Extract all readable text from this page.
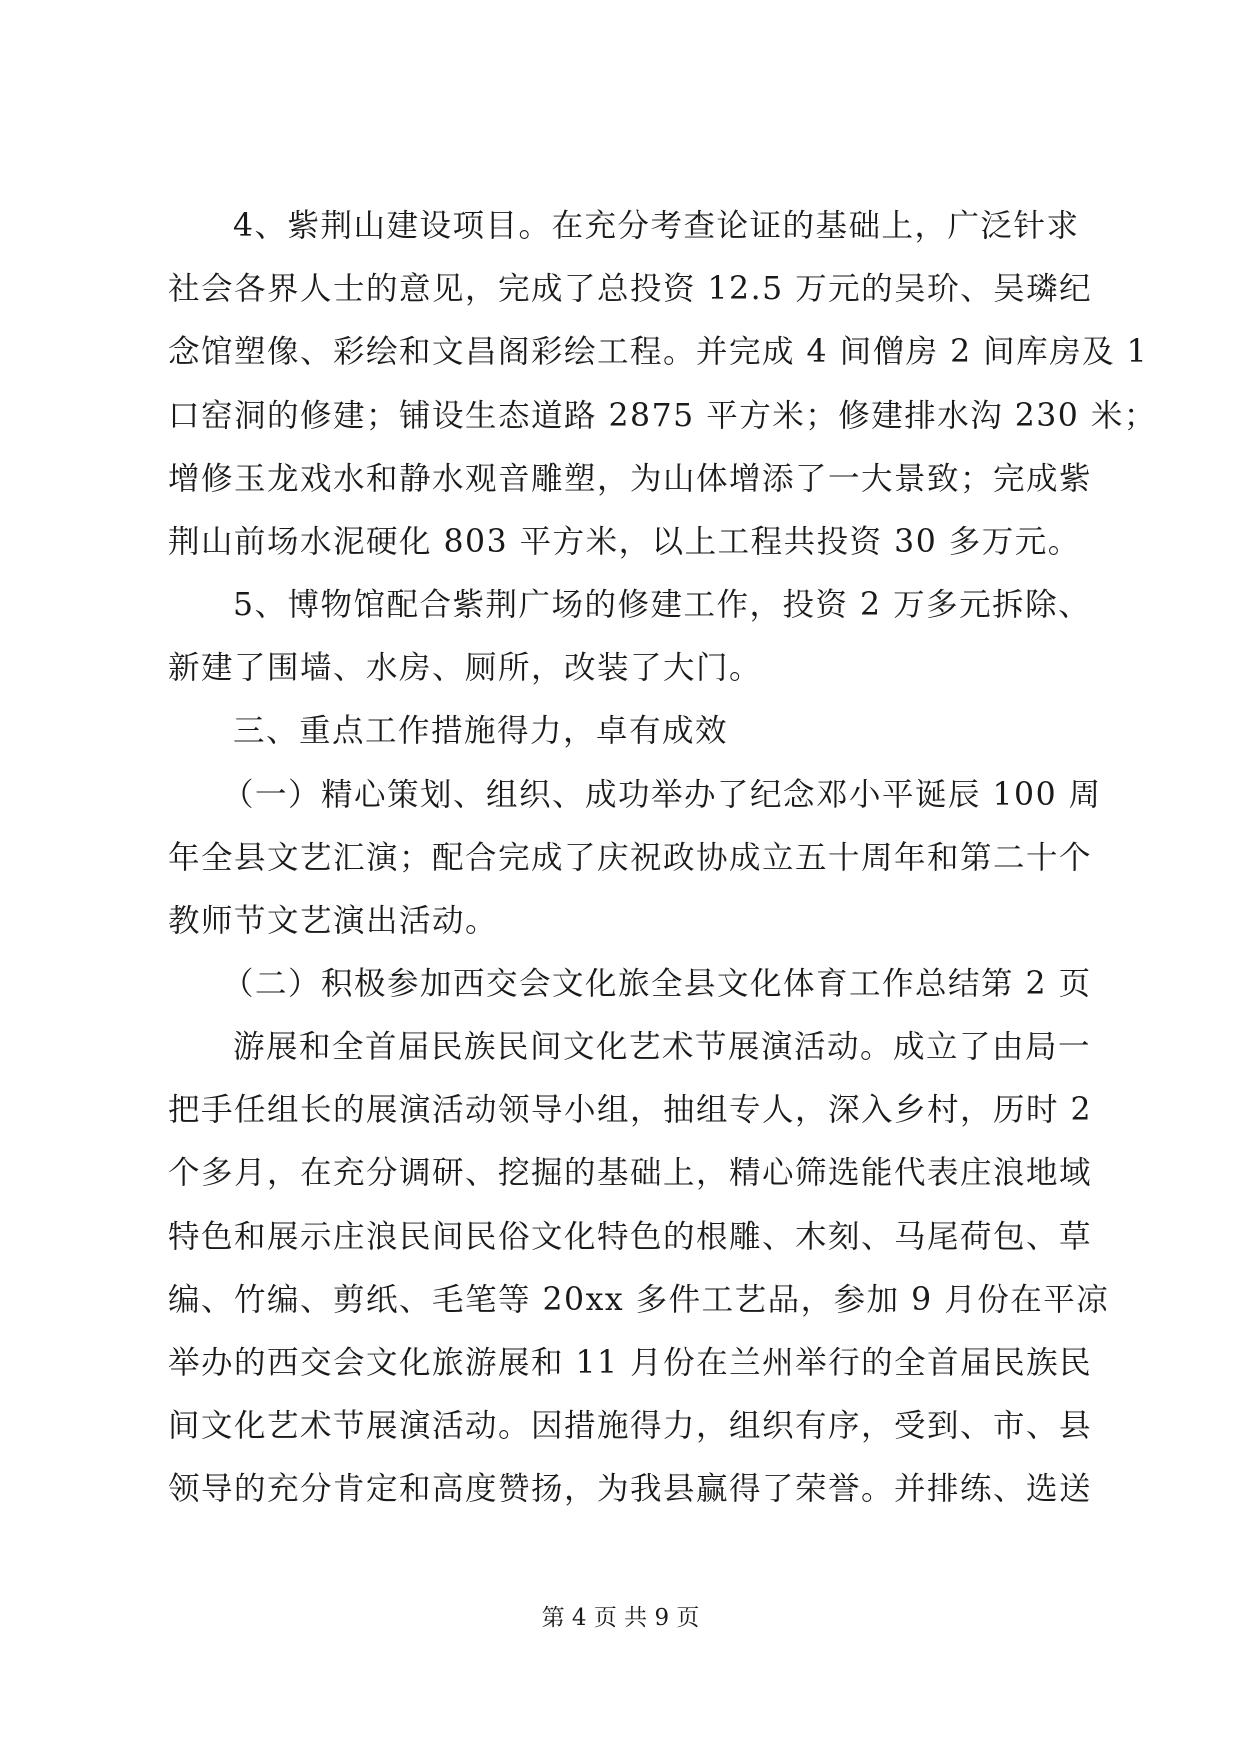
4、紫荆山建设项目。在充分考查论证的基础上，广泛针求
社会各界人士的意见，完成了总投资 12.5 万元的吴玠、吴璘纪
念馆塑像、彩绘和文昌阁彩绘工程。并完成 4 间僧房 2 间库房及 1
口窑洞的修建；铺设生态道路 2875 平方米；修建排水沟 230 米；
增修玉龙戏水和静水观音雕塑，为山体增添了一大景致；完成紫
荆山前场水泥硬化 803 平方米，以上工程共投资 30 多万元。
5、博物馆配合紫荆广场的修建工作，投资 2 万多元拆除、
新建了围墙、水房、厕所，改装了大门。
三、重点工作措施得力，卓有成效
（一）精心策划、组织、成功举办了纪念邓小平诞辰 100 周
年全县文艺汇演；配合完成了庆祝政协成立五十周年和第二十个
教师节文艺演出活动。
（二）积极参加西交会文化旅全县文化体育工作总结第 2 页
游展和全首届民族民间文化艺术节展演活动。成立了由局一
把手任组长的展演活动领导小组，抽组专人，深入乡村，历时 2
个多月，在充分调研、挖掘的基础上，精心筛选能代表庄浪地域
特色和展示庄浪民间民俗文化特色的根雕、木刻、马尾荷包、草
编、竹编、剪纸、毛笔等 20xx 多件工艺品，参加 9 月份在平凉
举办的西交会文化旅游展和 11 月份在兰州举行的全首届民族民
间文化艺术节展演活动。因措施得力，组织有序，受到、市、县
领导的充分肯定和高度赞扬，为我县赢得了荣誉。并排练、选送
第 4 页 共 9 页
